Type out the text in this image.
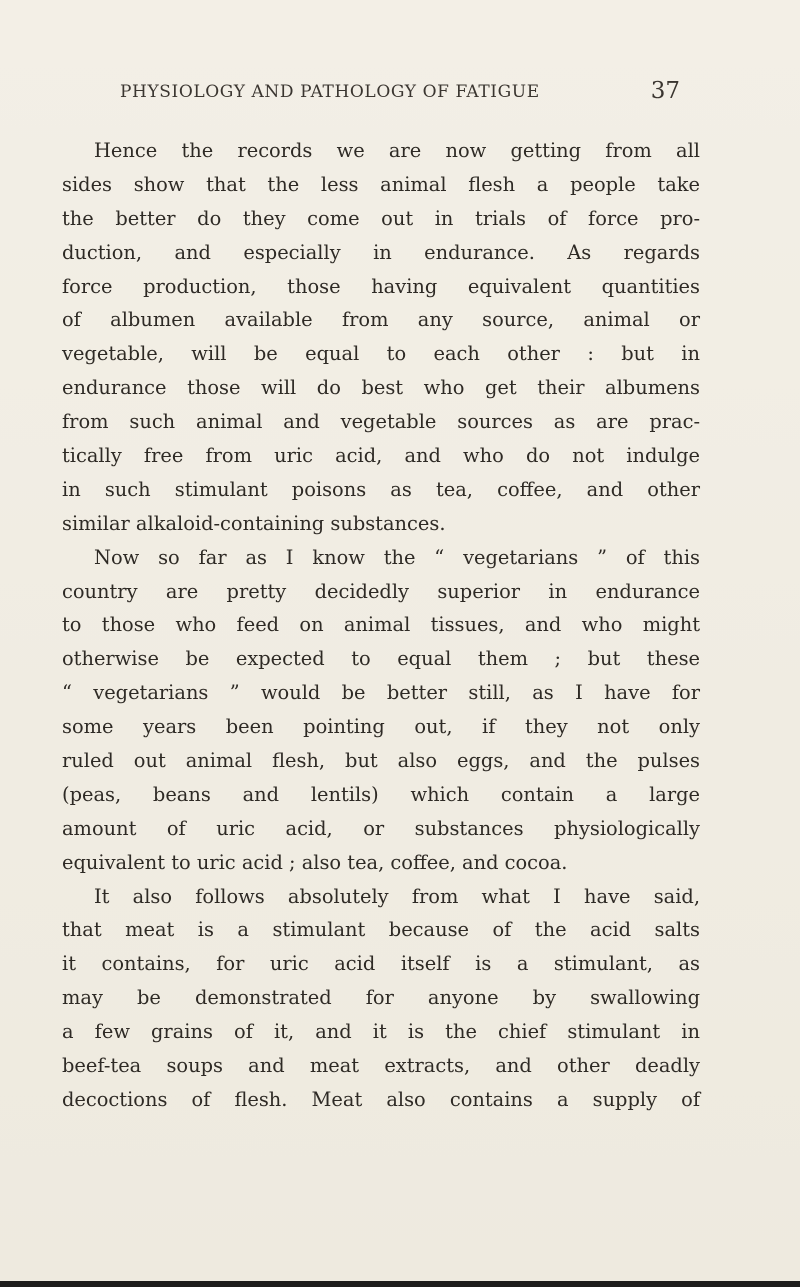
PHYSIOLOGY AND PATHOLOGY OF FATIGUE	37
Hence the records we are now getting from all
sides show that the less animal flesh a people take
the better do they come out in trials of force pro-
duction, and especially in endurance. As regards
force production, those having equivalent quantities
of albumen available from any source, animal or
vegetable, will be equal to each other : but in
endurance those will do best who get their albumens
from such animal and vegetable sources as are prac-
tically free from uric acid, and who do not indulge
in such stimulant poisons as tea, coffee, and other
similar alkaloid-containing substances.
Now so far as I know the “ vegetarians ” of this
country are pretty decidedly superior in endurance
to those who feed on animal tissues, and who might
otherwise be expected to equal them ; but these
“ vegetarians ” would be better still, as I have for
some years been pointing out, if they not only
ruled out animal flesh, but also eggs, and the pulses
(peas, beans and lentils) which contain a large
amount of uric acid, or substances physiologically
equivalent to uric acid ; also tea, coffee, and cocoa.
It also follows absolutely from what I have said,
that meat is a stimulant because of the acid salts
it contains, for uric acid itself is a stimulant, as
may be demonstrated for anyone by swallowing
a few grains of it, and it is the chief stimulant in
beef-tea soups and meat extracts, and other deadly
decoctions of flesh. Meat also contains a supply of
